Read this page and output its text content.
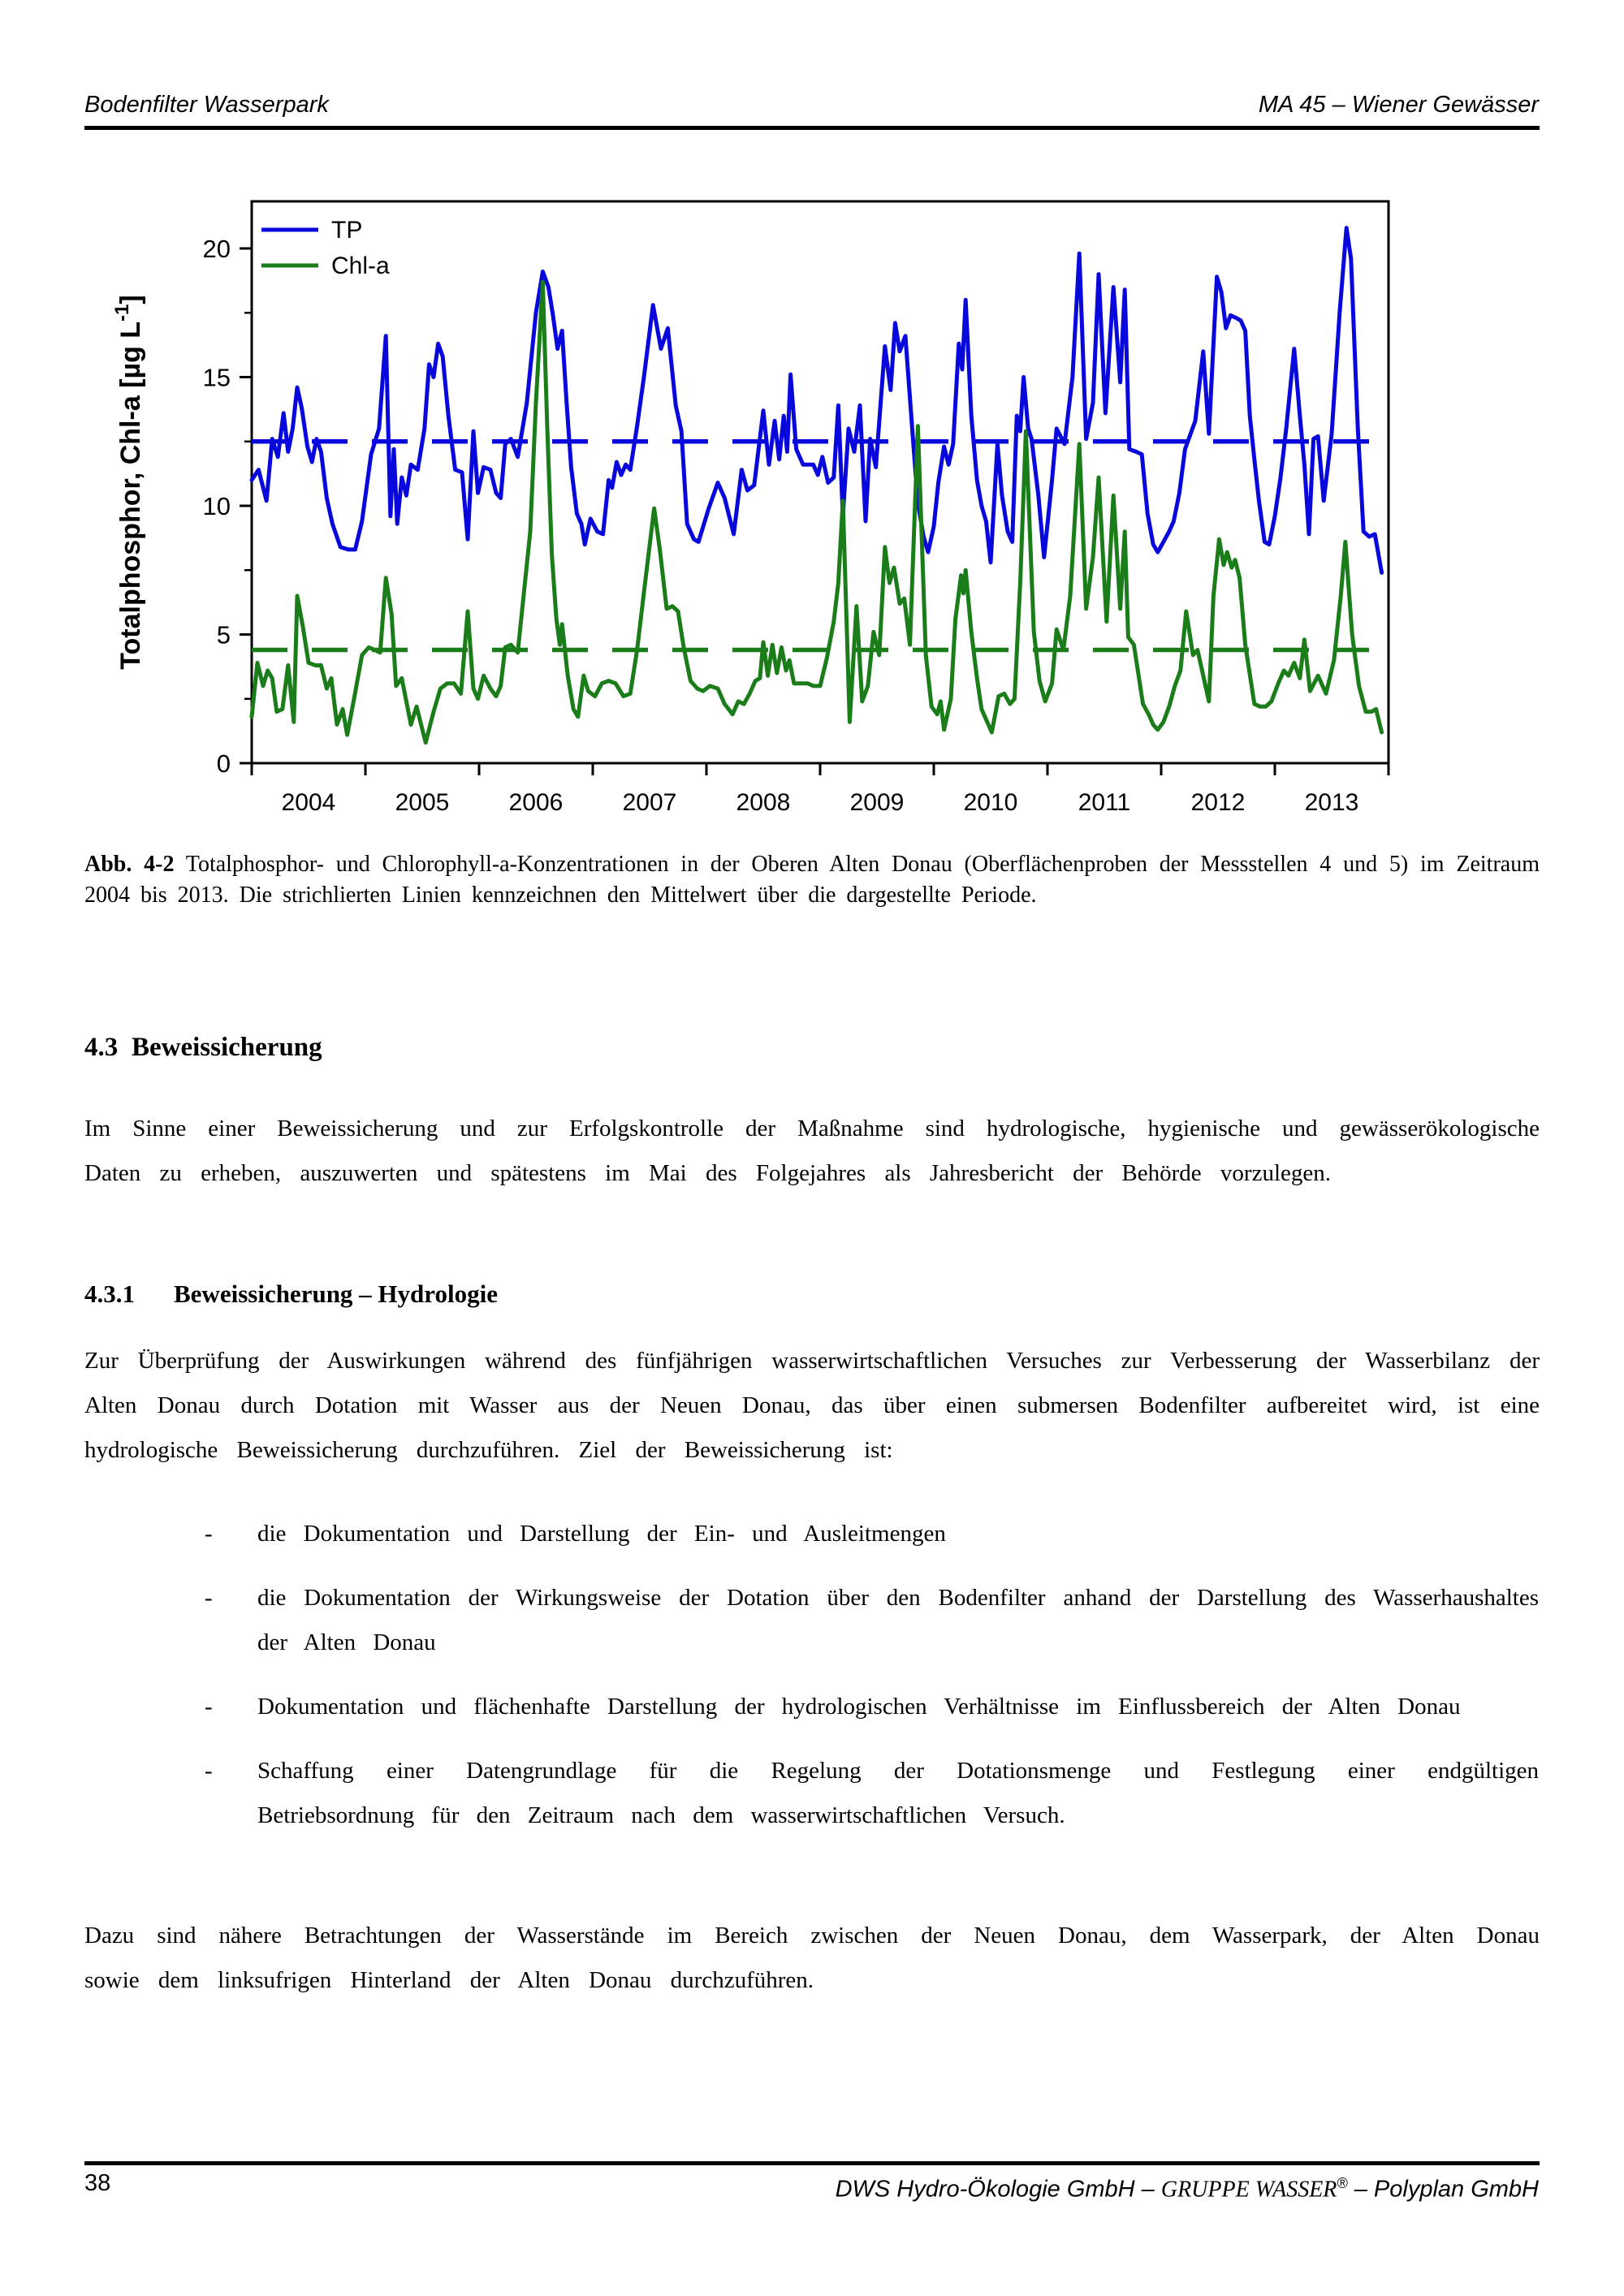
Bodenfilter Wasserpark	MA 45 – Wiener Gewässer
0
5
10
15
20
2004 2005 2006 2007 2008 2009 2010 2011 2012 2013
TP
Chl-a
Totalphosphor, Chl-a [µg $L^{-1}$]

Abb. 4-2 Totalphosphor- und Chlorophyll-a-Konzentrationen in der Oberen Alten Donau (Oberflächenproben der Messstellen 4 und 5) im Zeitraum 2004 bis 2013. Die strichlierten Linien kennzeichnen den Mittelwert über die dargestellte Periode.

4.3 Beweissicherung

Im Sinne einer Beweissicherung und zur Erfolgskontrolle der Maßnahme sind hydrologische, hygienische und gewässerökologische Daten zu erheben, auszuwerten und spätestens im Mai des Folgejahres als Jahresbericht der Behörde vorzulegen.

4.3.1 Beweissicherung – Hydrologie

Zur Überprüfung der Auswirkungen während des fünfjährigen wasserwirtschaftlichen Versuches zur Verbesserung der Wasserbilanz der Alten Donau durch Dotation mit Wasser aus der Neuen Donau, das über einen submersen Bodenfilter aufbereitet wird, ist eine hydrologische Beweissicherung durchzuführen. Ziel der Beweissicherung ist:

- die Dokumentation und Darstellung der Ein- und Ausleitmengen
- die Dokumentation der Wirkungsweise der Dotation über den Bodenfilter anhand der Darstellung des Wasserhaushaltes der Alten Donau
- Dokumentation und flächenhafte Darstellung der hydrologischen Verhältnisse im Einflussbereich der Alten Donau
- Schaffung einer Datengrundlage für die Regelung der Dotationsmenge und Festlegung einer endgültigen Betriebsordnung für den Zeitraum nach dem wasserwirtschaftlichen Versuch.

Dazu sind nähere Betrachtungen der Wasserstände im Bereich zwischen der Neuen Donau, dem Wasserpark, der Alten Donau sowie dem linksufrigen Hinterland der Alten Donau durchzuführen.

38	DWS Hydro-Ökologie GmbH – GRUPPE WASSER® – Polyplan GmbH
